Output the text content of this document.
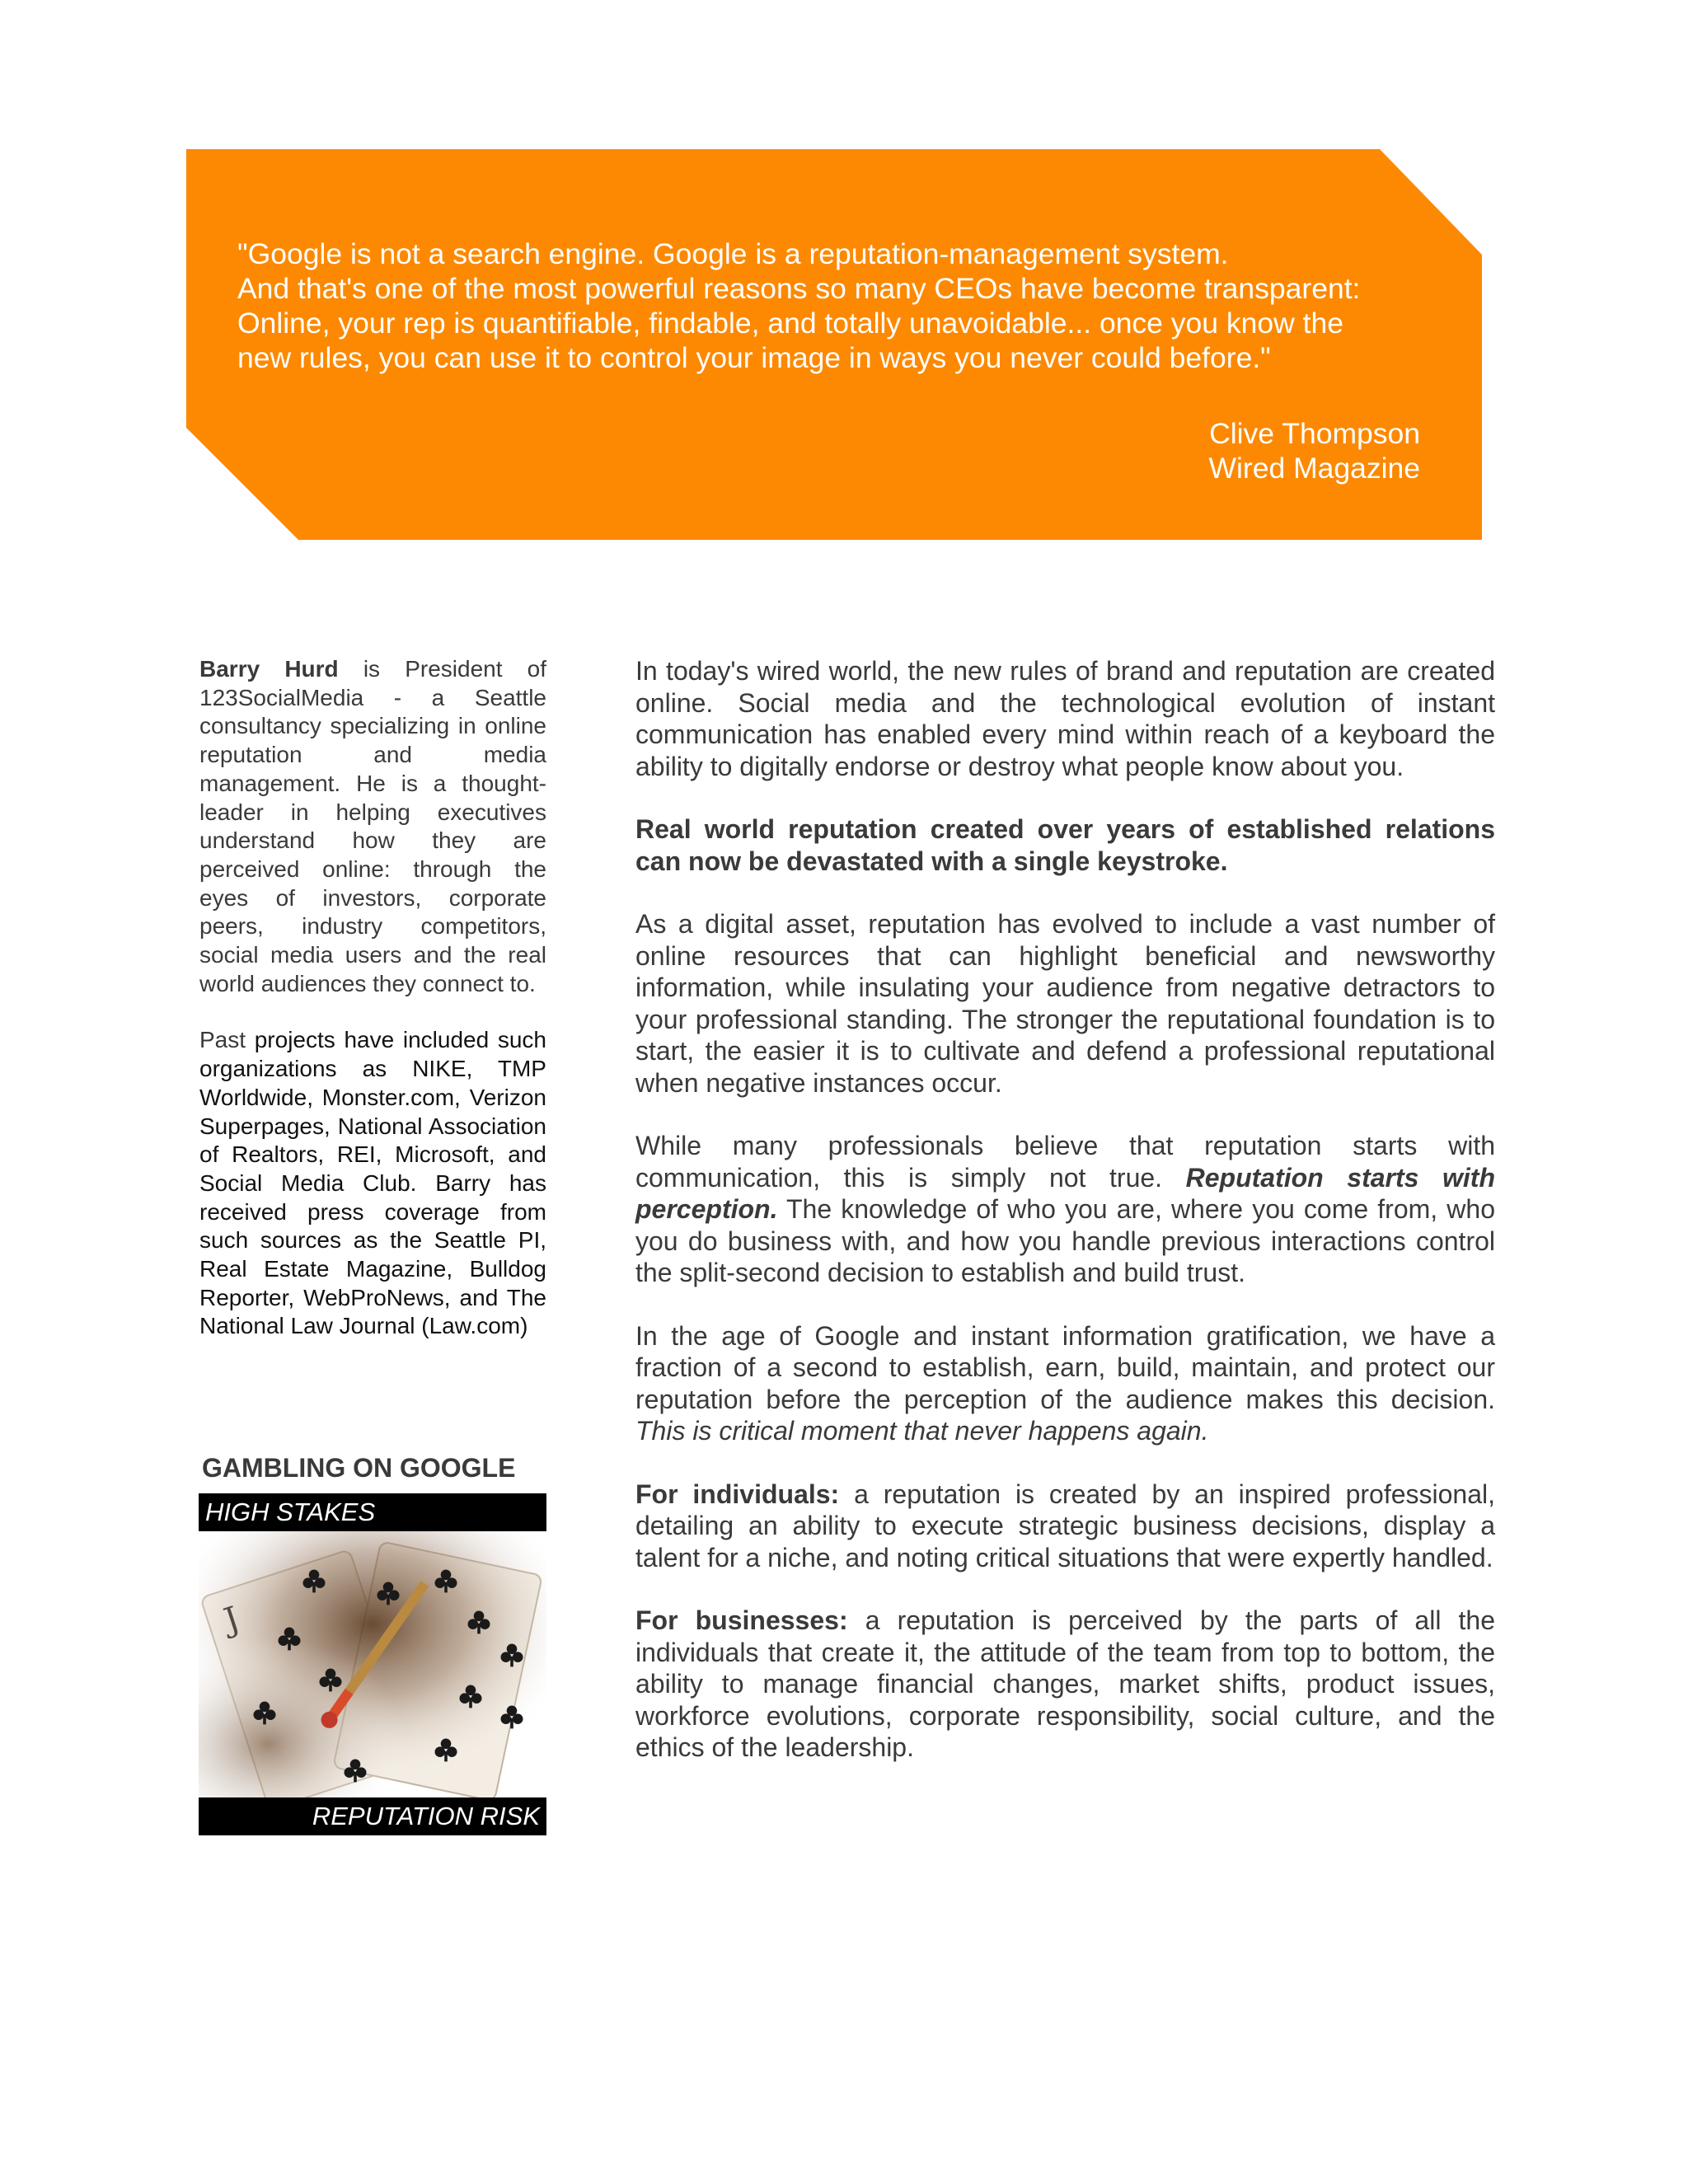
"Google is not a search engine. Google is a reputation-management system.
And that's one of the most powerful reasons so many CEOs have become transparent:
Online, your rep is quantifiable, findable, and totally unavoidable... once you know the
new rules, you can use it to control your image in ways you never could before."

Clive Thompson
Wired Magazine

Barry Hurd is President of 123SocialMedia - a Seattle consultancy specializing in online reputation and media management. He is a thought-leader in helping executives understand how they are perceived online: through the eyes of investors, corporate peers, industry competitors, social media users and the real world audiences they connect to.

Past projects have included such organizations as NIKE, TMP Worldwide, Monster.com, Verizon Superpages, National Association of Realtors, REI, Microsoft, and Social Media Club. Barry has received press coverage from such sources as the Seattle PI, Real Estate Magazine, Bulldog Reporter, WebProNews, and The National Law Journal (Law.com)

GAMBLING ON GOOGLE
HIGH STAKES
REPUTATION RISK

In today's wired world, the new rules of brand and reputation are created online. Social media and the technological evolution of instant communication has enabled every mind within reach of a keyboard the ability to digitally endorse or destroy what people know about you.

Real world reputation created over years of established relations can now be devastated with a single keystroke.

As a digital asset, reputation has evolved to include a vast number of online resources that can highlight beneficial and newsworthy information, while insulating your audience from negative detractors to your professional standing. The stronger the reputational foundation is to start, the easier it is to cultivate and defend a professional reputational when negative instances occur.

While many professionals believe that reputation starts with communication, this is simply not true. Reputation starts with perception. The knowledge of who you are, where you come from, who you do business with, and how you handle previous interactions control the split-second decision to establish and build trust.

In the age of Google and instant information gratification, we have a fraction of a second to establish, earn, build, maintain, and protect our reputation before the perception of the audience makes this decision. This is critical moment that never happens again.

For individuals: a reputation is created by an inspired professional, detailing an ability to execute strategic business decisions, display a talent for a niche, and noting critical situations that were expertly handled.

For businesses: a reputation is perceived by the parts of all the individuals that create it, the attitude of the team from top to bottom, the ability to manage financial changes, market shifts, product issues, workforce evolutions, corporate responsibility, social culture, and the ethics of the leadership.
